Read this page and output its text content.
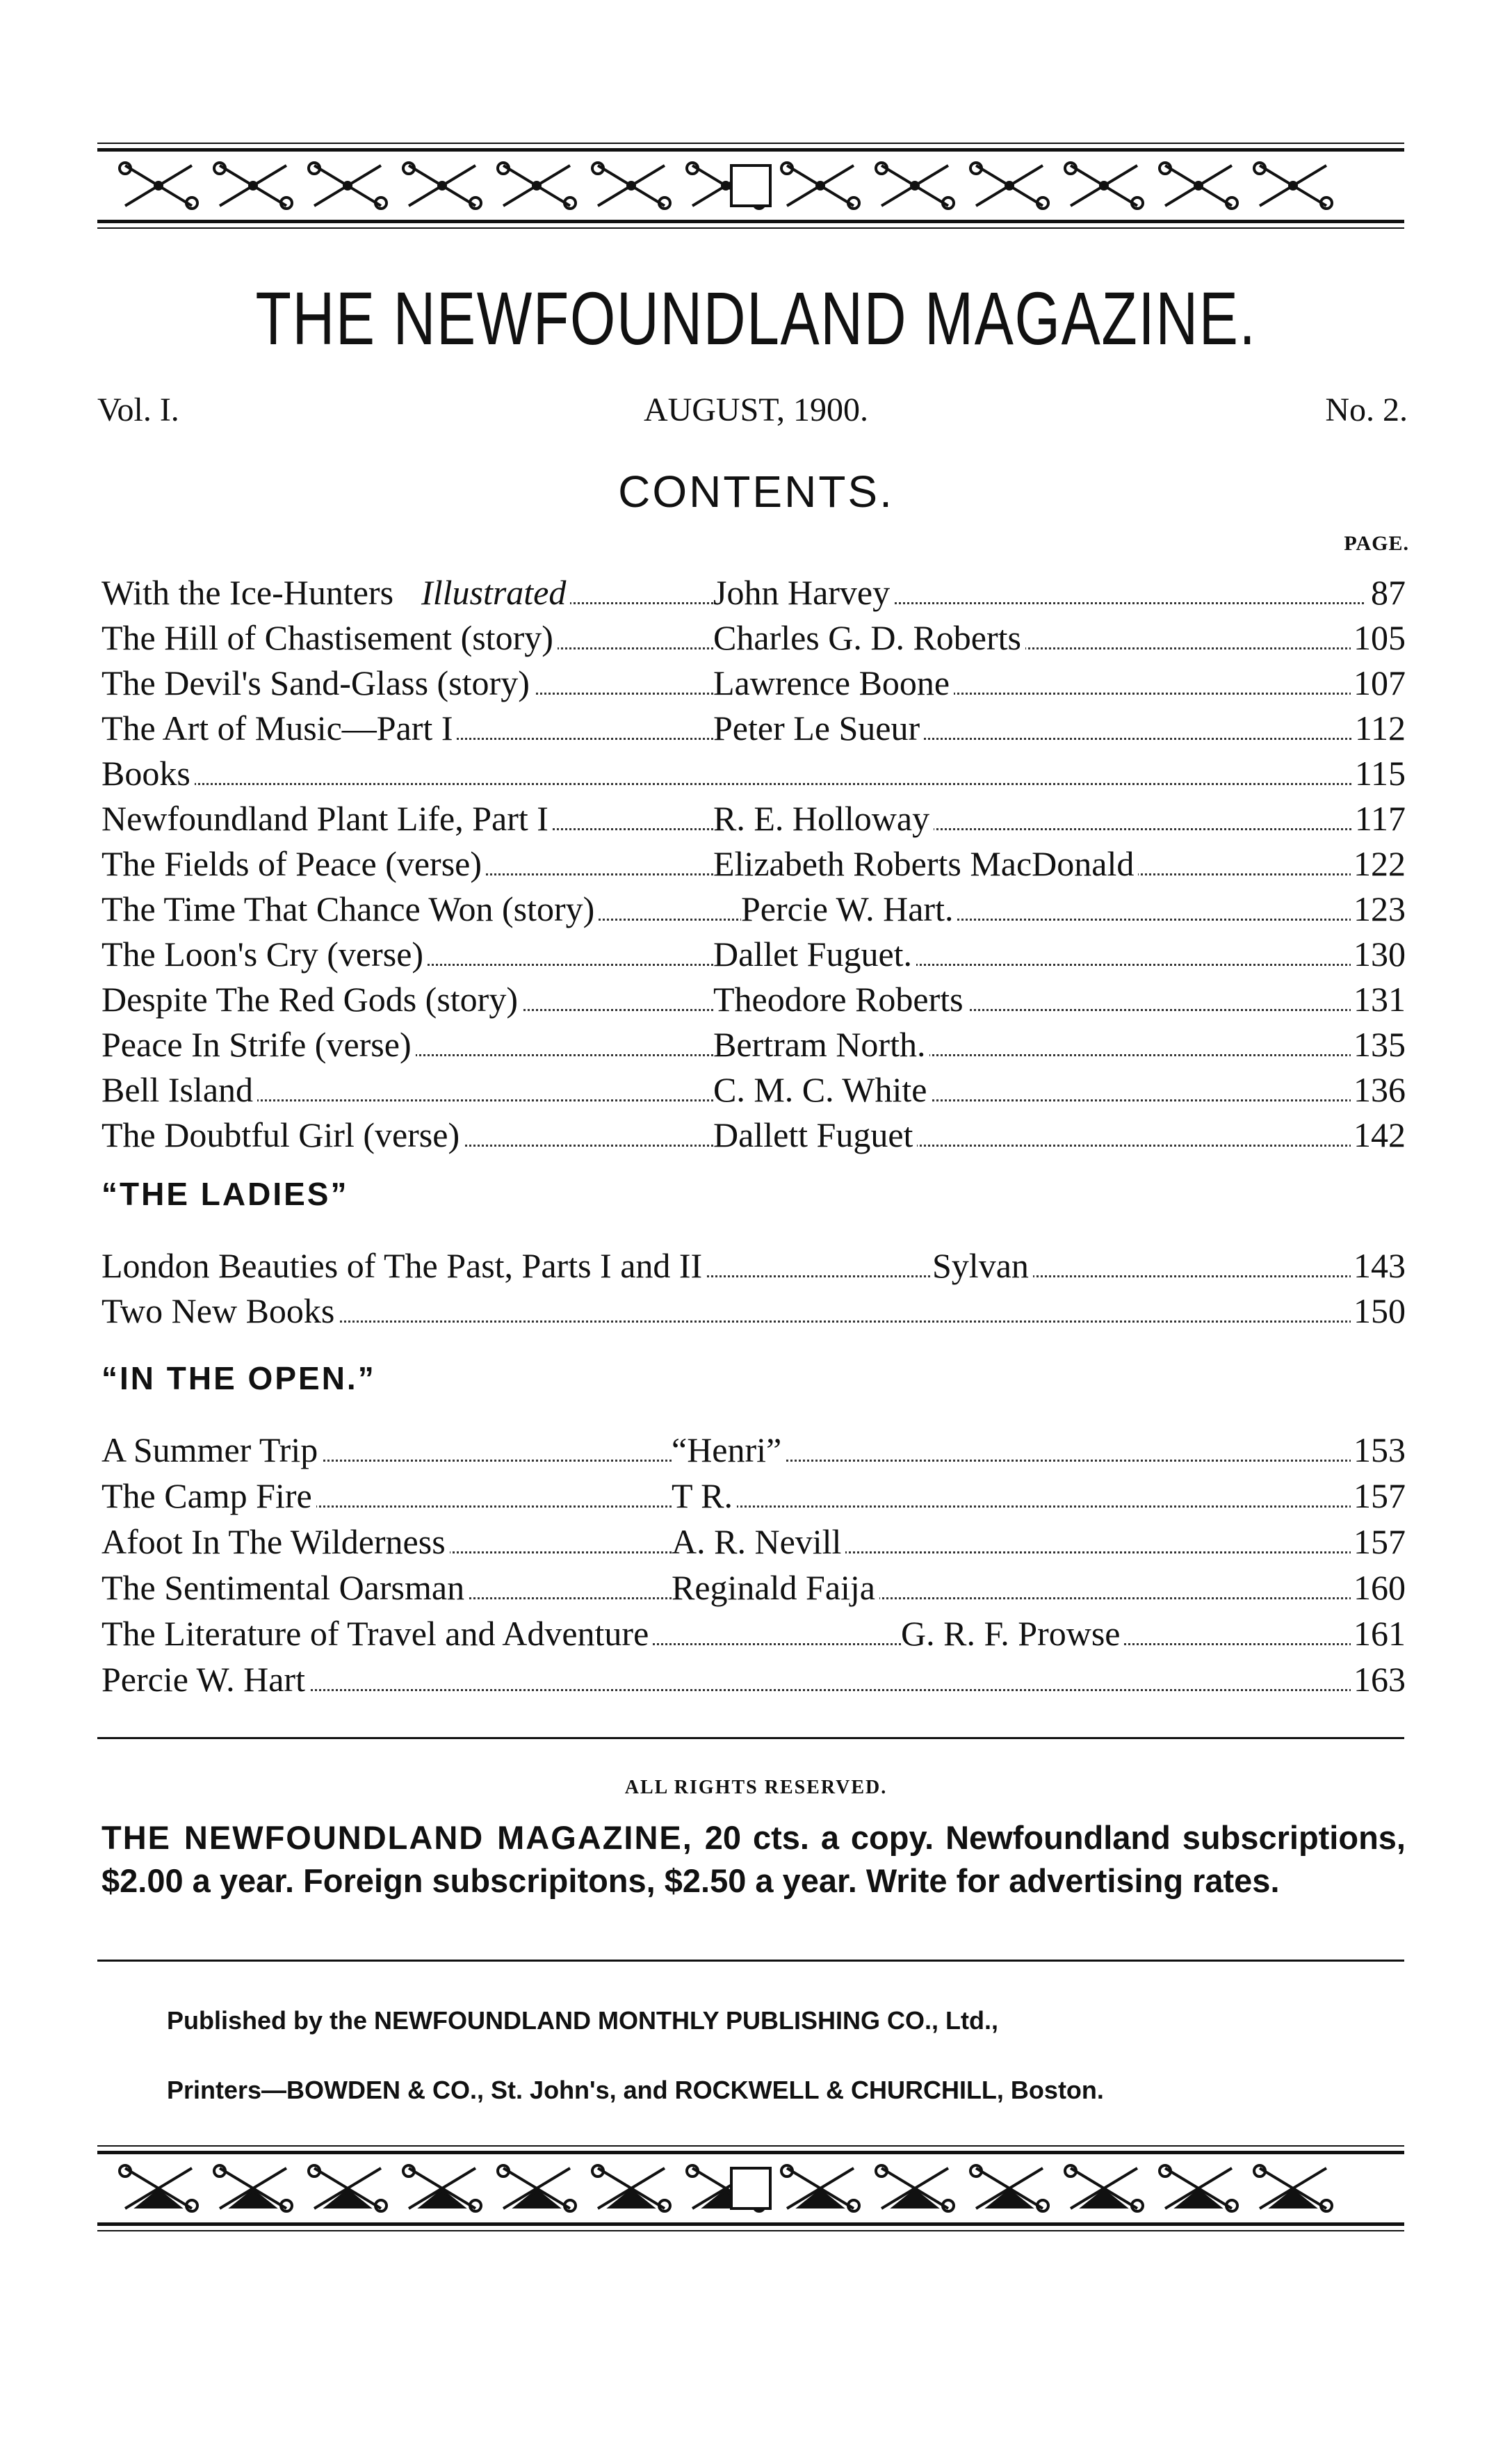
THE NEWFOUNDLAND MAGAZINE.
Vol. I.	AUGUST, 1900.	No. 2.
CONTENTS.
PAGE.
With the Ice-Hunters Illustrated	John Harvey	87
The Hill of Chastisement (story)	Charles G. D. Roberts	105
The Devil's Sand-Glass (story)	Lawrence Boone	107
The Art of Music—Part I	Peter Le Sueur	112
Books	115
Newfoundland Plant Life, Part I	R. E. Holloway	117
The Fields of Peace (verse)	Elizabeth Roberts MacDonald	122
The Time That Chance Won (story)	Percie W. Hart.	123
The Loon's Cry (verse)	Dallet Fuguet.	130
Despite The Red Gods (story)	Theodore Roberts	131
Peace In Strife (verse)	Bertram North.	135
Bell Island	C. M. C. White	136
The Doubtful Girl (verse)	Dallett Fuguet	142
“THE LADIES”
London Beauties of The Past, Parts I and II	Sylvan	143
Two New Books	150
“IN THE OPEN.”
A Summer Trip	“Henri”	153
The Camp Fire	T R.	157
Afoot In The Wilderness	A. R. Nevill	157
The Sentimental Oarsman	Reginald Faija	160
The Literature of Travel and Adventure	G. R. F. Prowse	161
Percie W. Hart	163
ALL RIGHTS RESERVED.
THE NEWFOUNDLAND MAGAZINE, 20 cts. a copy. Newfoundland subscriptions, $2.00 a year. Foreign subscripitons, $2.50 a year. Write for advertising rates.
Published by the NEWFOUNDLAND MONTHLY PUBLISHING CO., Ltd.,
Printers—BOWDEN & CO., St. John's, and ROCKWELL & CHURCHILL, Boston.
